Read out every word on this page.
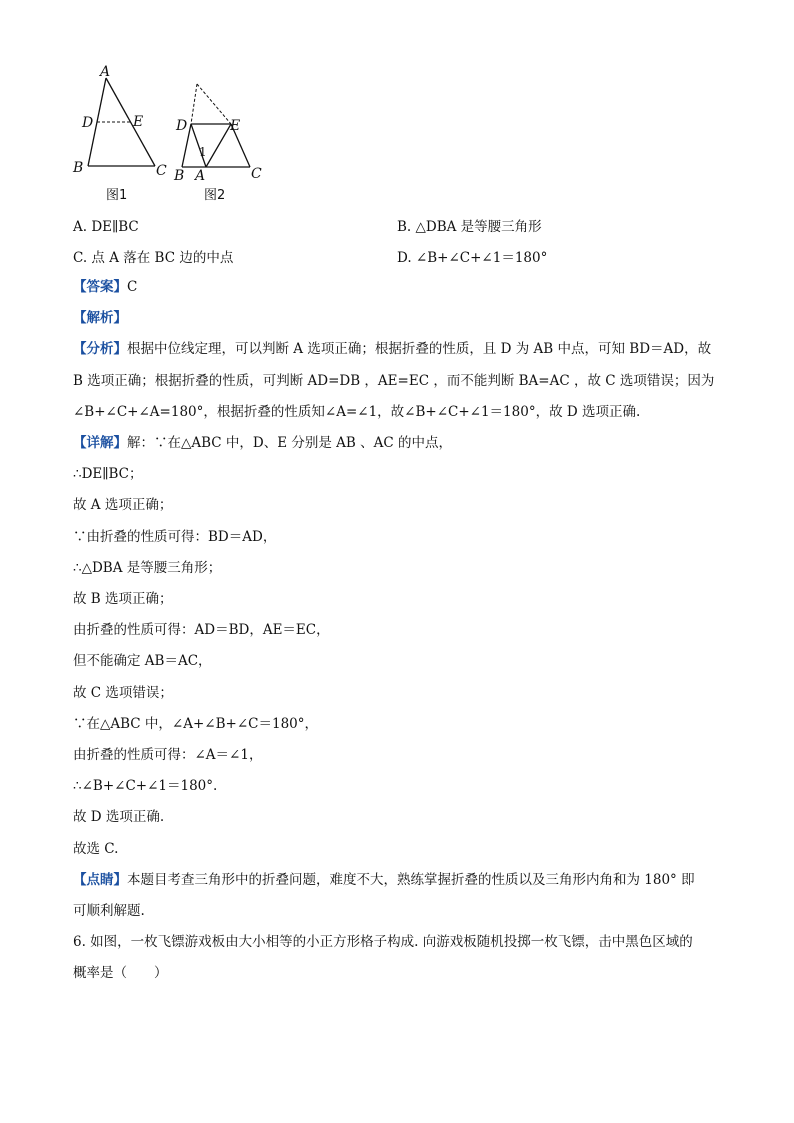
A
D	E
B	C
图1
D	E
1
B A	C
图2
A. DE∥BC	B. △DBA 是等腰三角形
C. 点 A 落在 BC 边的中点	D. ∠B+∠C+∠1＝180°
【答案】C
【解析】
【分析】根据中位线定理，可以判断 A 选项正确；根据折叠的性质，且 D 为 AB 中点，可知 BD＝AD，故
B 选项正确；根据折叠的性质，可判断 AD=DB ，AE=EC ，而不能判断 BA=AC ，故 C 选项错误；因为
∠B+∠C+∠A=180°，根据折叠的性质知∠A=∠1，故∠B+∠C+∠1＝180°，故 D 选项正确.
【详解】解：∵在△ABC 中，D、E 分别是 AB 、AC 的中点，
∴DE∥BC；
故 A 选项正确；
∵由折叠的性质可得：BD＝AD，
∴△DBA 是等腰三角形；
故 B 选项正确；
由折叠的性质可得：AD＝BD，AE＝EC，
但不能确定 AB＝AC，
故 C 选项错误；
∵在△ABC 中，∠A+∠B+∠C＝180°，
由折叠的性质可得：∠A＝∠1，
∴∠B+∠C+∠1＝180°.
故 D 选项正确.
故选 C.
【点睛】本题目考查三角形中的折叠问题，难度不大，熟练掌握折叠的性质以及三角形内角和为 180° 即
可顺利解题.
6. 如图，一枚飞镖游戏板由大小相等的小正方形格子构成. 向游戏板随机投掷一枚飞镖，击中黑色区域的
概率是（　　）
